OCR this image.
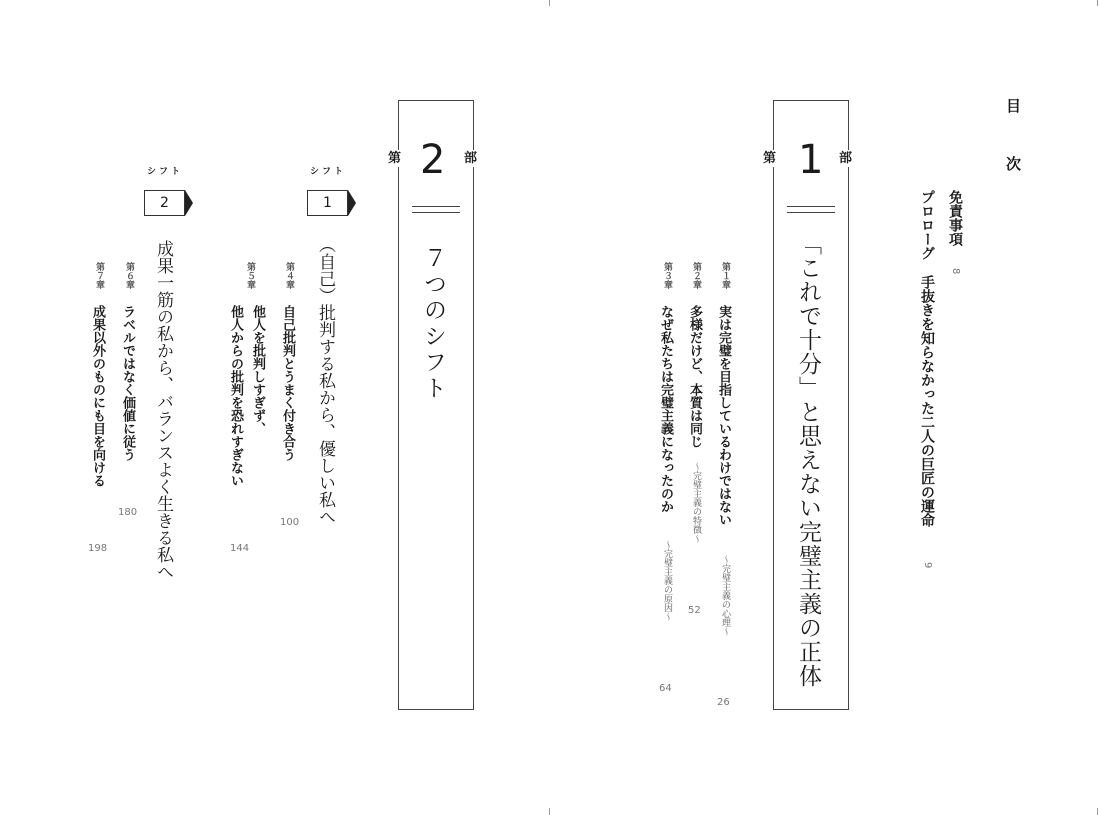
目　次
免責事項
8
プロローグ
手抜きを知らなかった二人の巨匠の運命
9
第 1 部
「これで十分」と思えない完璧主義の正体
第１章
実は完璧を目指しているわけではない
〜完璧主義の心理〜
26
第２章
多様だけど、本質は同じ
〜完璧主義の特徴〜
52
第３章
なぜ私たちは完璧主義になったのか
〜完璧主義の原因〜
64
第 2 部
７つのシフト
シフト
1
（自己）批判する私から、優しい私へ
第４章
自己批判とうまく付き合う
100
第５章
他人を批判しすぎず、
他人からの批判を恐れすぎない
144
シフト
2
成果一筋の私から、バランスよく生きる私へ
第６章
ラベルではなく価値に従う
180
第７章
成果以外のものにも目を向ける
198
